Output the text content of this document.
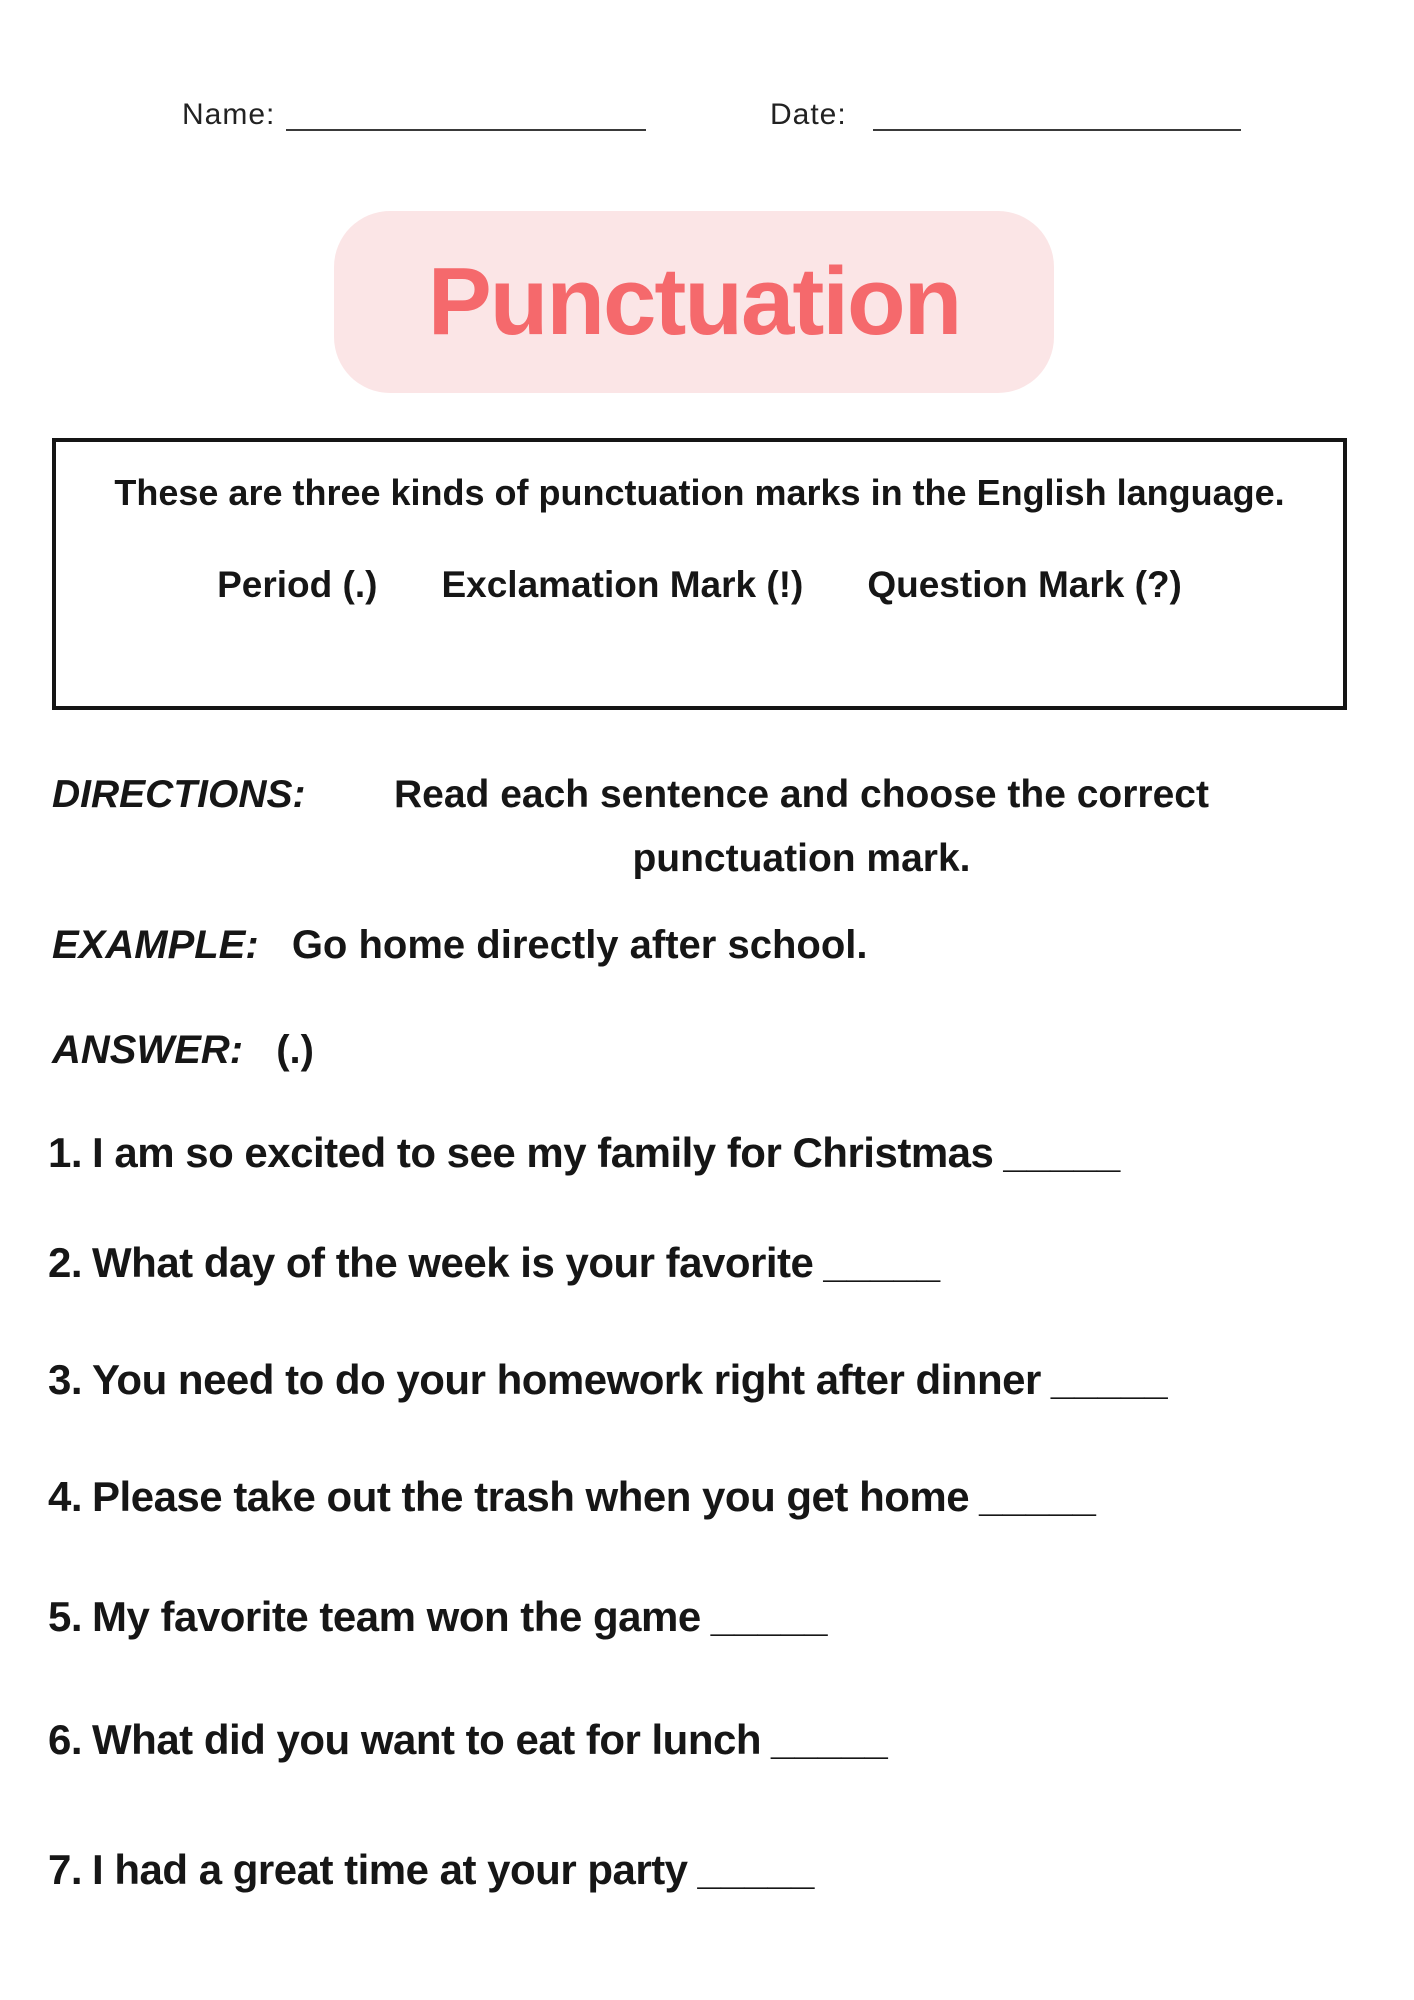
Name:	Date:
Punctuation
These are three kinds of punctuation marks in the English language.
Period (.) Exclamation Mark (!) Question Mark (?)
DIRECTIONS:	Read each sentence and choose the correct punctuation mark.
EXAMPLE: Go home directly after school.
ANSWER: (.)
1. I am so excited to see my family for Christmas _____
2. What day of the week is your favorite _____
3. You need to do your homework right after dinner _____
4. Please take out the trash when you get home _____
5. My favorite team won the game _____
6. What did you want to eat for lunch _____
7. I had a great time at your party _____
